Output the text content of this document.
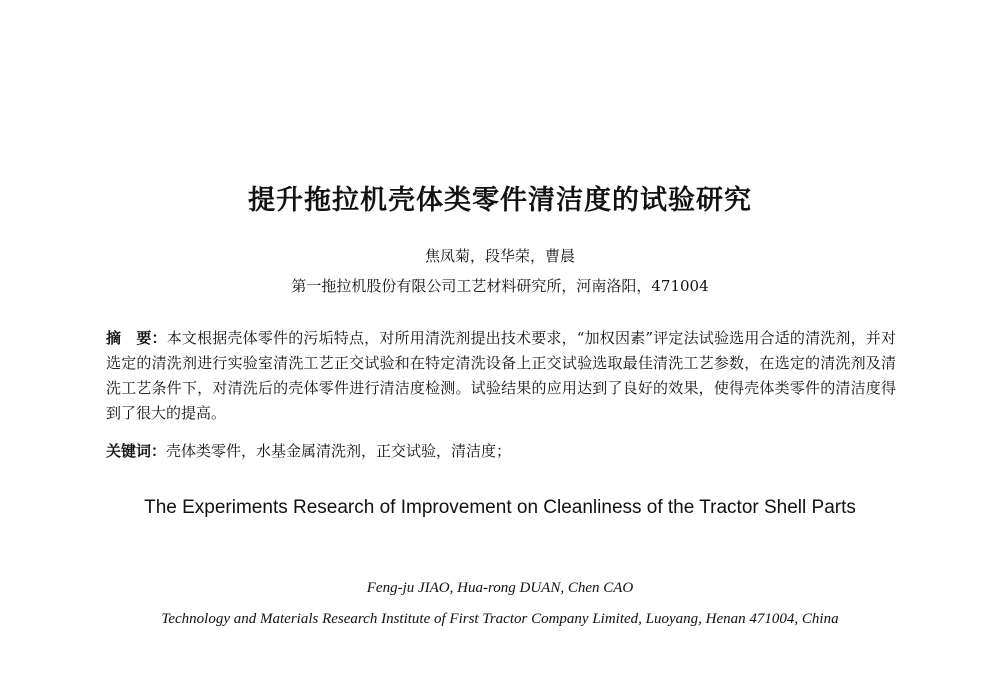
提升拖拉机壳体类零件清洁度的试验研究
焦凤菊，段华荣，曹晨
第一拖拉机股份有限公司工艺材料研究所，河南洛阳，471004
摘　要：本文根据壳体零件的污垢特点，对所用清洗剂提出技术要求，“加权因素”评定法试验选用合适的清洗剂，并对选定的清洗剂进行实验室清洗工艺正交试验和在特定清洗设备上正交试验选取最佳清洗工艺参数，在选定的清洗剂及清洗工艺条件下，对清洗后的壳体零件进行清洁度检测。试验结果的应用达到了良好的效果，使得壳体类零件的清洁度得到了很大的提高。
关键词：壳体类零件，水基金属清洗剂，正交试验，清洁度；
The Experiments Research of Improvement on Cleanliness of the Tractor Shell Parts
Feng-ju JIAO, Hua-rong DUAN, Chen CAO
Technology and Materials Research Institute of First Tractor Company Limited, Luoyang, Henan 471004, China
